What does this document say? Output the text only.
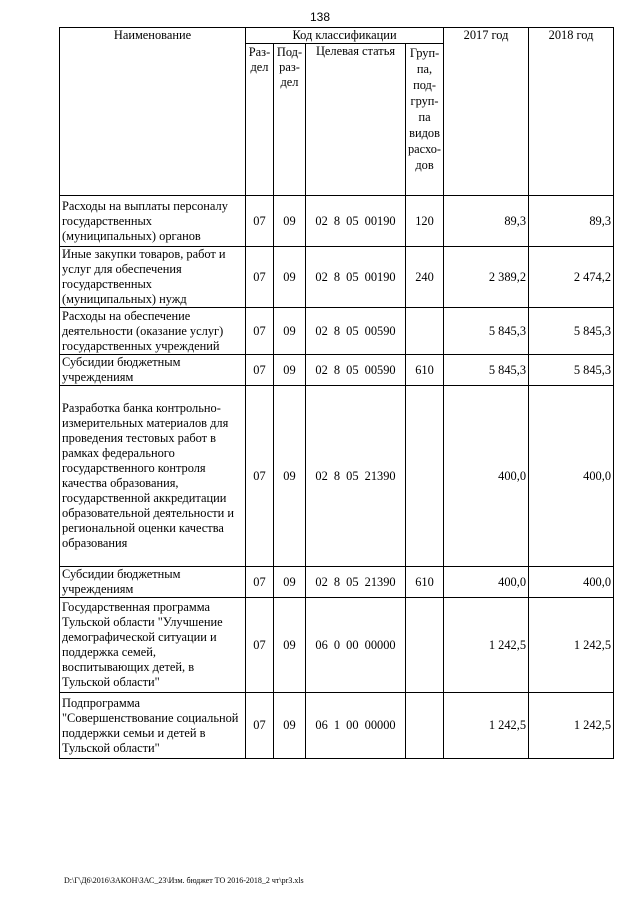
138
Наименование	Код классификации				2017 год	2018 год
	Раз-дел	Под-раз-дел	Целевая статья	Груп-па, под-груп-па видов расхо-дов		
Расходы на выплаты персоналу государственных (муниципальных) органов	07	09	02 8 05 00190	120	89,3	89,3
Иные закупки товаров, работ и услуг для обеспечения государственных (муниципальных) нужд	07	09	02 8 05 00190	240	2 389,2	2 474,2
Расходы на обеспечение деятельности (оказание услуг) государственных учреждений	07	09	02 8 05 00590		5 845,3	5 845,3
Субсидии бюджетным учреждениям	07	09	02 8 05 00590	610	5 845,3	5 845,3
Разработка банка контрольно-измерительных материалов для проведения тестовых работ в рамках федерального государственного контроля качества образования, государственной аккредитации образовательной деятельности и региональной оценки качества образования	07	09	02 8 05 21390		400,0	400,0
Субсидии бюджетным учреждениям	07	09	02 8 05 21390	610	400,0	400,0
Государственная программа Тульской области "Улучшение демографической ситуации и поддержка семей, воспитывающих детей, в Тульской области"	07	09	06 0 00 00000		1 242,5	1 242,5
Подпрограмма "Совершенствование социальной поддержки семьи и детей в Тульской области"	07	09	06 1 00 00000		1 242,5	1 242,5
D:\Г\Д6\2016\ЗАКОН\ЗАС_23\Изм. бюджет ТО 2016-2018_2 чт\pr3.xls
